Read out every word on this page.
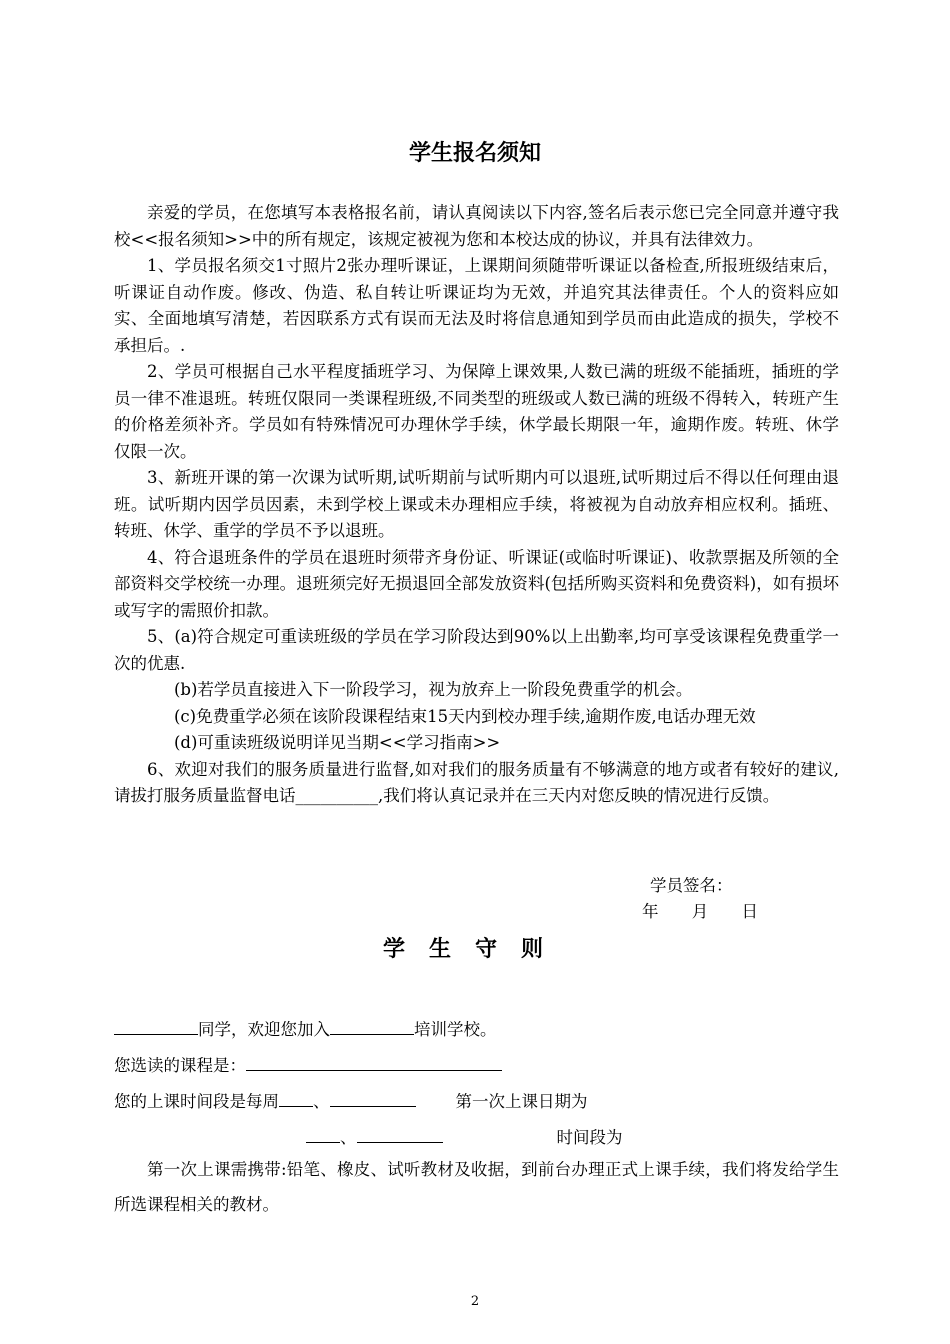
学生报名须知

亲爱的学员，在您填写本表格报名前，请认真阅读以下内容,签名后表示您已完全同意并遵守我校<<报名须知>>中的所有规定，该规定被视为您和本校达成的协议，并具有法律效力。

1、学员报名须交1寸照片2张办理听课证，上课期间须随带听课证以备检查,所报班级结束后，听课证自动作废。修改、伪造、私自转让听课证均为无效，并追究其法律责任。个人的资料应如实、全面地填写清楚，若因联系方式有误而无法及时将信息通知到学员而由此造成的损失，学校不承担后。.

2、学员可根据自己水平程度插班学习、为保障上课效果,人数已满的班级不能插班，插班的学员一律不准退班。转班仅限同一类课程班级,不同类型的班级或人数已满的班级不得转入，转班产生的价格差须补齐。学员如有特殊情况可办理休学手续，休学最长期限一年，逾期作废。转班、休学仅限一次。

3、新班开课的第一次课为试听期,试听期前与试听期内可以退班,试听期过后不得以任何理由退班。试听期内因学员因素，未到学校上课或未办理相应手续，将被视为自动放弃相应权利。插班、转班、休学、重学的学员不予以退班。

4、符合退班条件的学员在退班时须带齐身份证、听课证(或临时听课证)、收款票据及所领的全部资料交学校统一办理。退班须完好无损退回全部发放资料(包括所购买资料和免费资料)，如有损坏或写字的需照价扣款。

5、(a)符合规定可重读班级的学员在学习阶段达到90%以上出勤率,均可享受该课程免费重学一次的优惠.

(b)若学员直接进入下一阶段学习，视为放弃上一阶段免费重学的机会。

(c)免费重学必须在该阶段课程结束15天内到校办理手续,逾期作废,电话办理无效

(d)可重读班级说明详见当期<<学习指南>>

6、欢迎对我们的服务质量进行监督,如对我们的服务质量有不够满意的地方或者有较好的建议,请拔打服务质量监督电话__________,我们将认真记录并在三天内对您反映的情况进行反馈。

学员签名：
年 月 日
学生守则
同学，欢迎您加入	培训学校。
您选读的课程是：
您的上课时间段是每周 、	第一次上课日期为
、	时间段为

第一次上课需携带:铅笔、橡皮、试听教材及收据，到前台办理正式上课手续，我们将发给学生所选课程相关的教材。

2
